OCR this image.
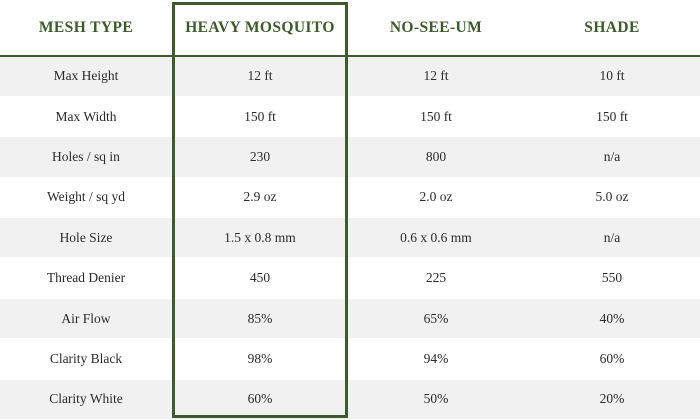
MESH TYPE	HEAVY MOSQUITO	NO-SEE-UM	SHADE
Max Height	12 ft	12 ft	10 ft
Max Width	150 ft	150 ft	150 ft
Holes / sq in	230	800	n/a
Weight / sq yd	2.9 oz	2.0 oz	5.0 oz
Hole Size	1.5 x 0.8 mm	0.6 x 0.6 mm	n/a
Thread Denier	450	225	550
Air Flow	85%	65%	40%
Clarity Black	98%	94%	60%
Clarity White	60%	50%	20%
